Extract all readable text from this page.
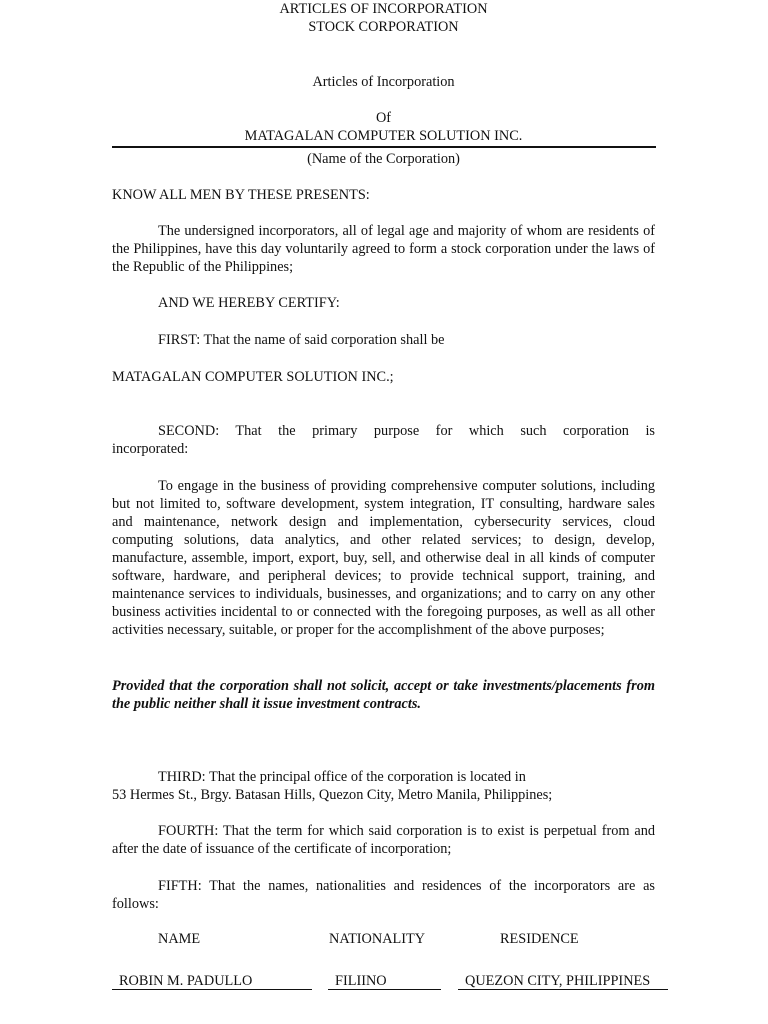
ARTICLES OF INCORPORATION

STOCK CORPORATION

Articles of Incorporation

Of

MATAGALAN COMPUTER SOLUTION INC.

(Name of the Corporation)

KNOW ALL MEN BY THESE PRESENTS:

The undersigned incorporators, all of legal age and majority of whom are residents of the Philippines, have this day voluntarily agreed to form a stock corporation under the laws of the Republic of the Philippines;

AND WE HEREBY CERTIFY:

FIRST: That the name of said corporation shall be

MATAGALAN COMPUTER SOLUTION INC.;

SECOND: That the primary purpose for which such corporation is incorporated:

To engage in the business of providing comprehensive computer solutions, including but not limited to, software development, system integration, IT consulting, hardware sales and maintenance, network design and implementation, cybersecurity services, cloud computing solutions, data analytics, and other related services; to design, develop, manufacture, assemble, import, export, buy, sell, and otherwise deal in all kinds of computer software, hardware, and peripheral devices; to provide technical support, training, and maintenance services to individuals, businesses, and organizations; and to carry on any other business activities incidental to or connected with the foregoing purposes, as well as all other activities necessary, suitable, or proper for the accomplishment of the above purposes;

Provided that the corporation shall not solicit, accept or take investments/placements from the public neither shall it issue investment contracts.

THIRD: That the principal office of the corporation is located in

53 Hermes St., Brgy. Batasan Hills, Quezon City, Metro Manila, Philippines;

FOURTH: That the term for which said corporation is to exist is perpetual from and after the date of issuance of the certificate of incorporation;

FIFTH: That the names, nationalities and residences of the incorporators are as follows:

NAME	NATIONALITY	RESIDENCE
ROBIN M. PADULLO	FILIINO	QUEZON CITY, PHILIPPINES
